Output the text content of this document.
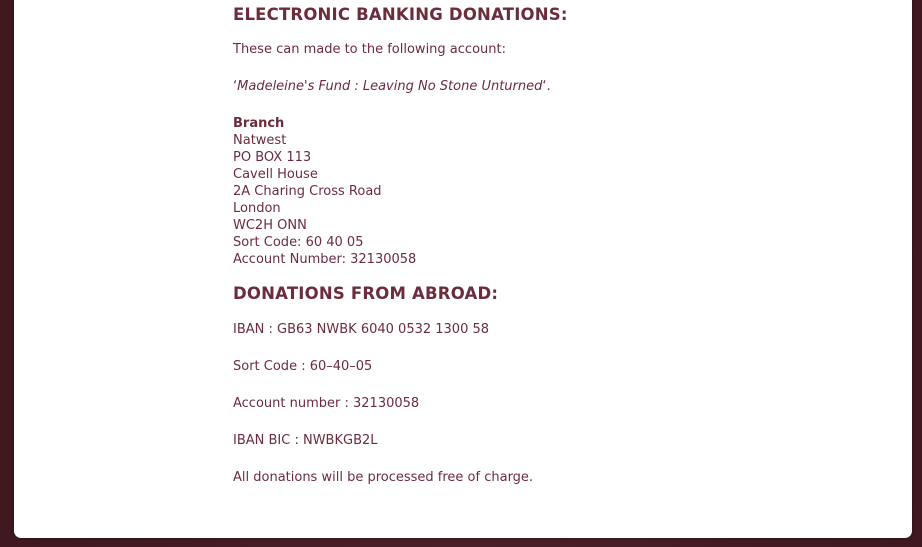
ELECTRONIC BANKING DONATIONS:

These can made to the following account:

‘Madeleine's Fund : Leaving No Stone Unturned‘.

Branch

Natwest

PO BOX 113

Cavell House

2A Charing Cross Road

London

WC2H ONN

Sort Code: 60 40 05

Account Number: 32130058

DONATIONS FROM ABROAD:

IBAN : GB63 NWBK 6040 0532 1300 58

Sort Code : 60–40–05

Account number : 32130058

IBAN BIC : NWBKGB2L

All donations will be processed free of charge.
